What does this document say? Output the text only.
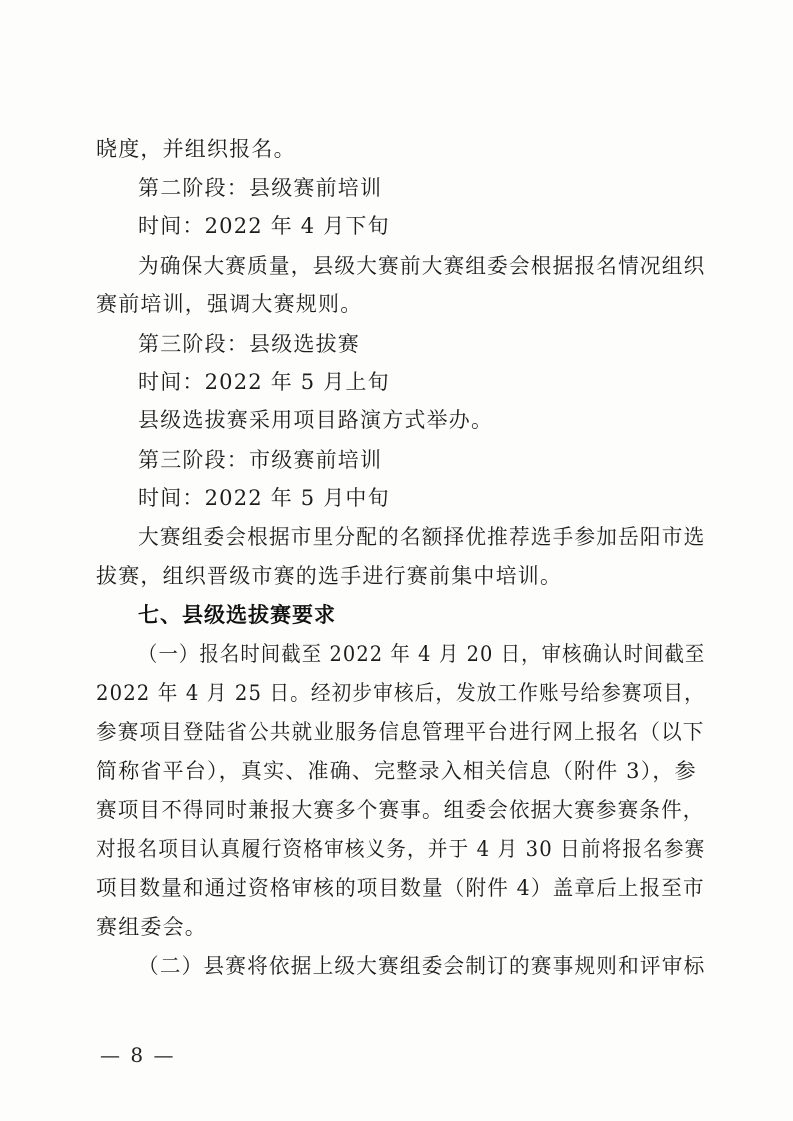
晓度，并组织报名。
第二阶段：县级赛前培训
时间：2022 年 4 月下旬
为确保大赛质量，县级大赛前大赛组委会根据报名情况组织
赛前培训，强调大赛规则。
第三阶段：县级选拔赛
时间：2022 年 5 月上旬
县级选拔赛采用项目路演方式举办。
第三阶段：市级赛前培训
时间：2022 年 5 月中旬
大赛组委会根据市里分配的名额择优推荐选手参加岳阳市选
拔赛，组织晋级市赛的选手进行赛前集中培训。
七、县级选拔赛要求
（一）报名时间截至 2022 年 4 月 20 日，审核确认时间截至
2022 年 4 月 25 日。经初步审核后，发放工作账号给参赛项目，
参赛项目登陆省公共就业服务信息管理平台进行网上报名（以下
简称省平台），真实、准确、完整录入相关信息（附件 3），参
赛项目不得同时兼报大赛多个赛事。组委会依据大赛参赛条件，
对报名项目认真履行资格审核义务，并于 4 月 30 日前将报名参赛
项目数量和通过资格审核的项目数量（附件 4）盖章后上报至市
赛组委会。
（二）县赛将依据上级大赛组委会制订的赛事规则和评审标
— 8 —
